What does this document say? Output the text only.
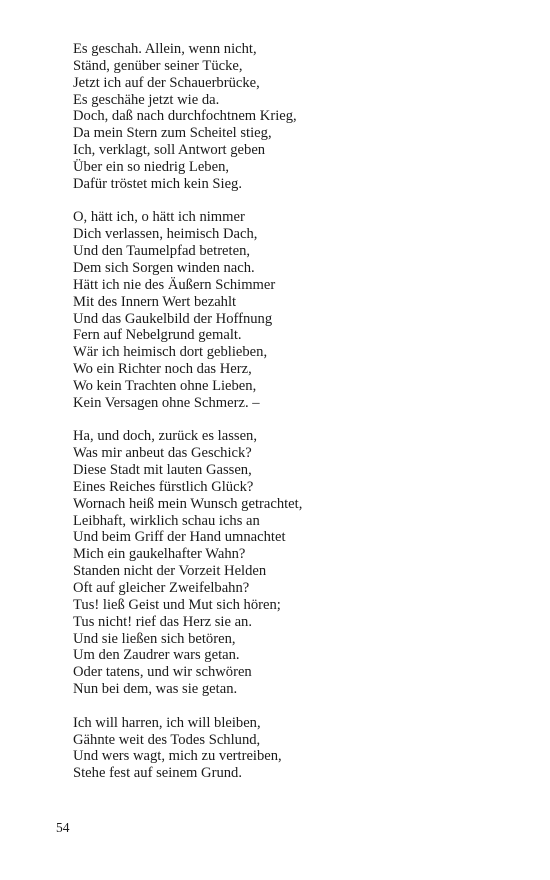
Es geschah. Allein, wenn nicht,
Ständ, genüber seiner Tücke,
Jetzt ich auf der Schauerbrücke,
Es geschähe jetzt wie da.
Doch, daß nach durchfochtnem Krieg,
Da mein Stern zum Scheitel stieg,
Ich, verklagt, soll Antwort geben
Über ein so niedrig Leben,
Dafür tröstet mich kein Sieg.
O, hätt ich, o hätt ich nimmer
Dich verlassen, heimisch Dach,
Und den Taumelpfad betreten,
Dem sich Sorgen winden nach.
Hätt ich nie des Äußern Schimmer
Mit des Innern Wert bezahlt
Und das Gaukelbild der Hoffnung
Fern auf Nebelgrund gemalt.
Wär ich heimisch dort geblieben,
Wo ein Richter noch das Herz,
Wo kein Trachten ohne Lieben,
Kein Versagen ohne Schmerz. –
Ha, und doch, zurück es lassen,
Was mir anbeut das Geschick?
Diese Stadt mit lauten Gassen,
Eines Reiches fürstlich Glück?
Wornach heiß mein Wunsch getrachtet,
Leibhaft, wirklich schau ichs an
Und beim Griff der Hand umnachtet
Mich ein gaukelhafter Wahn?
Standen nicht der Vorzeit Helden
Oft auf gleicher Zweifelbahn?
Tus! ließ Geist und Mut sich hören;
Tus nicht! rief das Herz sie an.
Und sie ließen sich betören,
Um den Zaudrer wars getan.
Oder tatens, und wir schwören
Nun bei dem, was sie getan.
Ich will harren, ich will bleiben,
Gähnte weit des Todes Schlund,
Und wers wagt, mich zu vertreiben,
Stehe fest auf seinem Grund.
54
